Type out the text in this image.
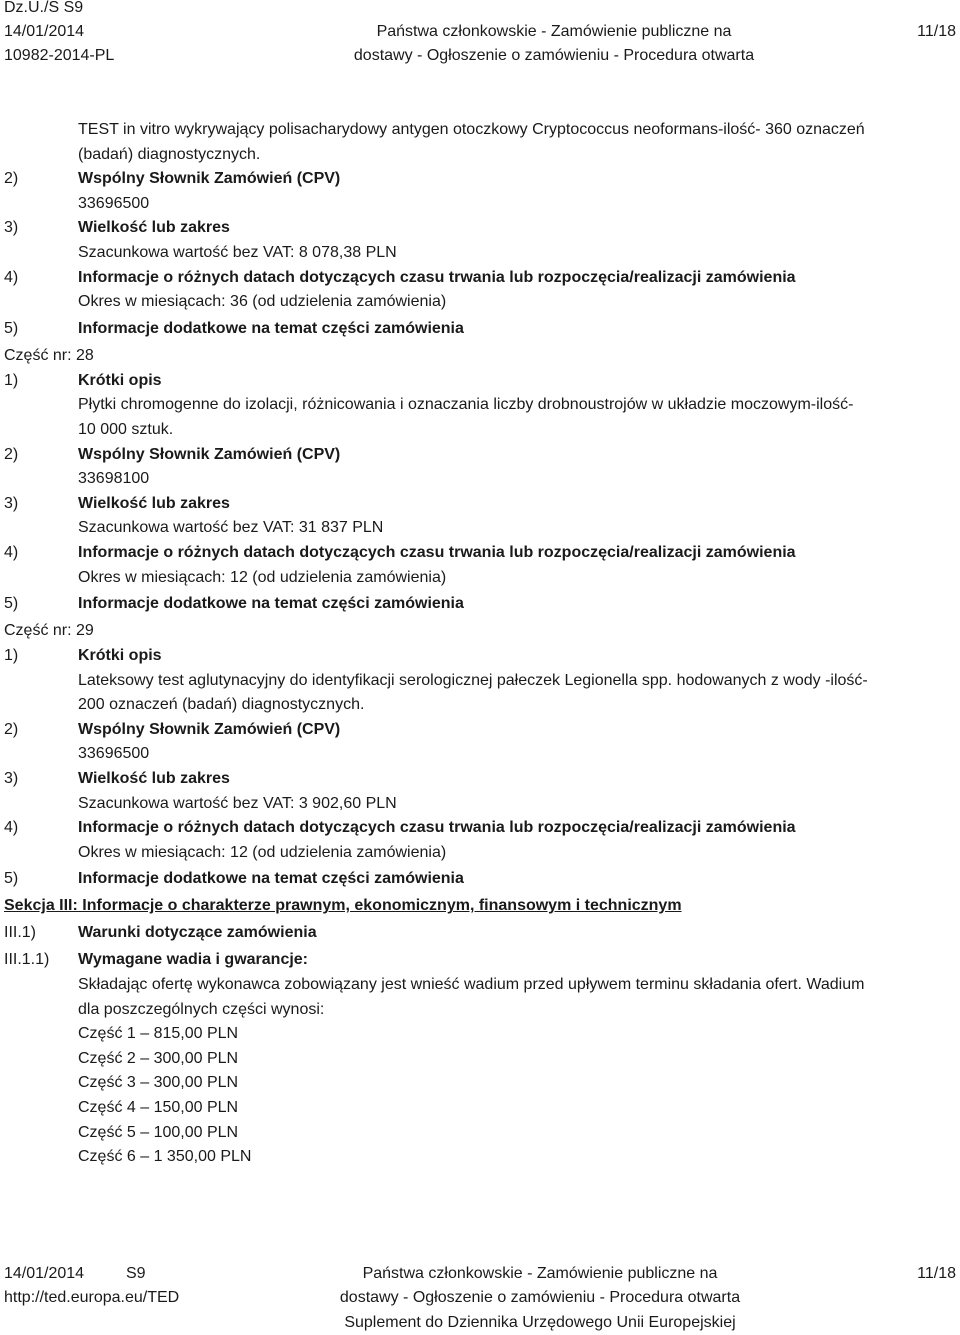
Dz.U./S S9
14/01/2014
10982-2014-PL
Państwa członkowskie - Zamówienie publiczne na
dostawy - Ogłoszenie o zamówieniu - Procedura otwarta
11/18
TEST in vitro wykrywający polisacharydowy antygen otoczkowy Cryptococcus neoformans-ilość- 360 oznaczeń
(badań) diagnostycznych.
2)	Wspólny Słownik Zamówień (CPV)
33696500
3)	Wielkość lub zakres
Szacunkowa wartość bez VAT: 8 078,38 PLN
4)	Informacje o różnych datach dotyczących czasu trwania lub rozpoczęcia/realizacji zamówienia
Okres w miesiącach: 36 (od udzielenia zamówienia)
5)	Informacje dodatkowe na temat części zamówienia
Część nr: 28
1)	Krótki opis
Płytki chromogenne do izolacji, różnicowania i oznaczania liczby drobnoustrojów w układzie moczowym-ilość-
10 000 sztuk.
2)	Wspólny Słownik Zamówień (CPV)
33698100
3)	Wielkość lub zakres
Szacunkowa wartość bez VAT: 31 837 PLN
4)	Informacje o różnych datach dotyczących czasu trwania lub rozpoczęcia/realizacji zamówienia
Okres w miesiącach: 12 (od udzielenia zamówienia)
5)	Informacje dodatkowe na temat części zamówienia
Część nr: 29
1)	Krótki opis
Lateksowy test aglutynacyjny do identyfikacji serologicznej pałeczek Legionella spp. hodowanych z wody -ilość-
200 oznaczeń (badań) diagnostycznych.
2)	Wspólny Słownik Zamówień (CPV)
33696500
3)	Wielkość lub zakres
Szacunkowa wartość bez VAT: 3 902,60 PLN
4)	Informacje o różnych datach dotyczących czasu trwania lub rozpoczęcia/realizacji zamówienia
Okres w miesiącach: 12 (od udzielenia zamówienia)
5)	Informacje dodatkowe na temat części zamówienia
Sekcja III: Informacje o charakterze prawnym, ekonomicznym, finansowym i technicznym
III.1)	Warunki dotyczące zamówienia
III.1.1) Wymagane wadia i gwarancje:
Składając ofertę wykonawca zobowiązany jest wnieść wadium przed upływem terminu składania ofert. Wadium
dla poszczególnych części wynosi:
Część 1 – 815,00 PLN
Część 2 – 300,00 PLN
Część 3 – 300,00 PLN
Część 4 – 150,00 PLN
Część 5 – 100,00 PLN
Część 6 – 1 350,00 PLN
14/01/2014	S9
http://ted.europa.eu/TED
Państwa członkowskie - Zamówienie publiczne na
dostawy - Ogłoszenie o zamówieniu - Procedura otwarta
Suplement do Dziennika Urzędowego Unii Europejskiej
11/18
